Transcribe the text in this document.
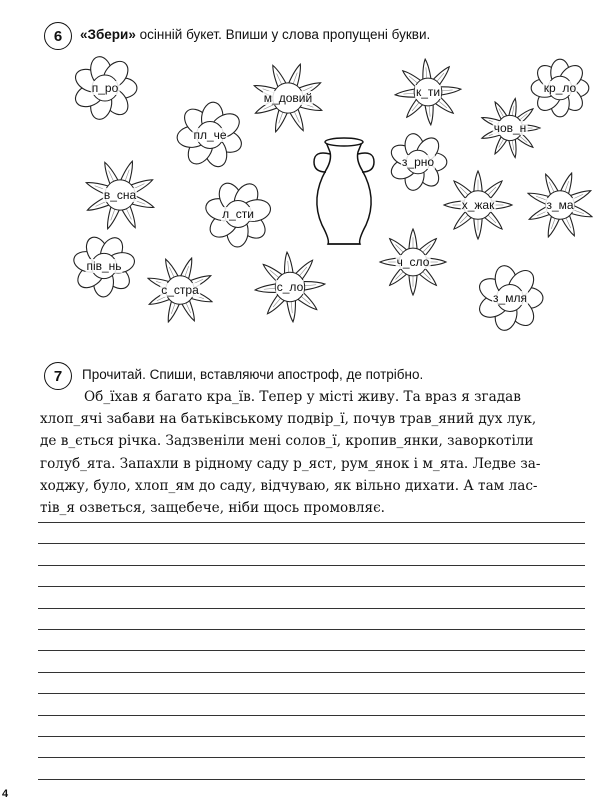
6	«Збери» осінній букет. Впиши у слова пропущені букви.
п_ро
м_довий	к_ти	кр_ло
пл_че	чов_н
з_рно
в_сна
л_сти
х_жак	з_ма
пів_нь	ч_сло
с_стра	с_ло
з_мля
7	Прочитай. Спиши, вставляючи апостроф, де потрібно.
Об_їхав я багато кра_їв. Тепер у місті живу. Та враз я згадав
хлоп_ячі забави на батьківському подвір_ї, почув трав_яний дух лук,
де в_ється річка. Задзвеніли мені солов_ї, кропив_янки, заворкотіли
голуб_ята. Запахли в рідному саду р_яст, рум_янок і м_ята. Ледве за-
ходжу, було, хлоп_ям до саду, відчуваю, як вільно дихати. А там лас-
тів_я озветься, защебече, ніби щось промовляє.
4
